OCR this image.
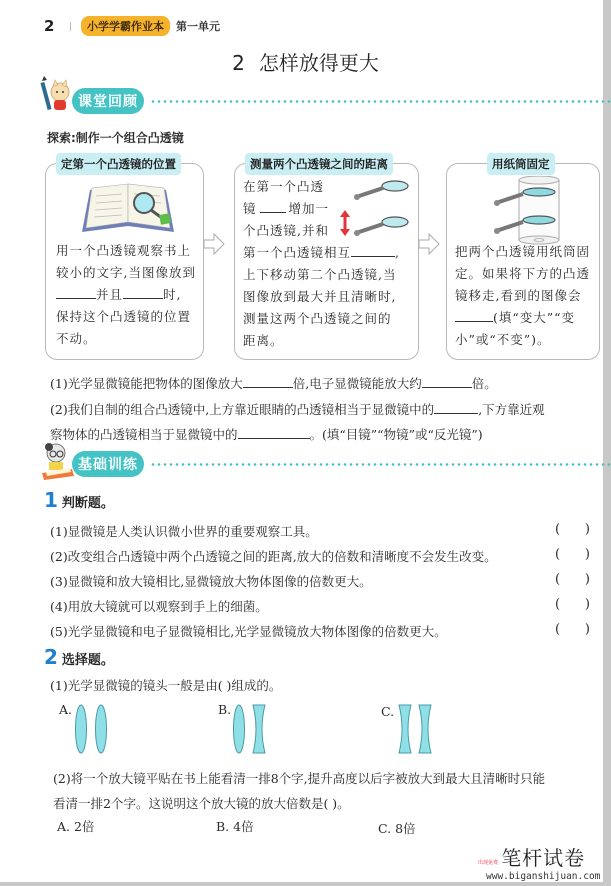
2	小学学霸作业本	第一单元
2 怎样放得更大
课堂回顾
探索:制作一个组合凸透镜
定第一个凸透镜的位置
用一个凸透镜观察书上
较小的文字,当图像放到
并且	时,
保持这个凸透镜的位置
不动。
测量两个凸透镜之间的距离
在第一个凸透
镜	增加一
个凸透镜,并和
第一个凸透镜相互	,
上下移动第二个凸透镜,当
图像放到最大并且清晰时,
测量这两个凸透镜之间的
距离。
用纸筒固定
把两个凸透镜用纸筒固
定。如果将下方的凸透
镜移走,看到的图像会
(填“变大”“变
小”或“不变”)。
(1)光学显微镜能把物体的图像放大	倍,电子显微镜能放大约	倍。
(2)我们自制的组合凸透镜中,上方靠近眼睛的凸透镜相当于显微镜中的	,下方靠近观
察物体的凸透镜相当于显微镜中的	。(填“目镜”“物镜”或“反光镜”)
基础训练
1 判断题。
(1)显微镜是人类认识微小世界的重要观察工具。	(      )
(2)改变组合凸透镜中两个凸透镜之间的距离,放大的倍数和清晰度不会发生改变。	(      )
(3)显微镜和放大镜相比,显微镜放大物体图像的倍数更大。	(      )
(4)用放大镜就可以观察到手上的细菌。	(      )
(5)光学显微镜和电子显微镜相比,光学显微镜放大物体图像的倍数更大。	(      )
2 选择题。
(1)光学显微镜的镜头一般是由( )组成的。
A.	B.	C.
(2)将一个放大镜平贴在书上能看清一排8个字,提升高度以后字被放大到最大且清晰时只能
看清一排2个字。这说明这个放大镜的放大倍数是( )。
A. 2倍	B. 4倍	C. 8倍
出现免费 笔杆试卷
www.biganshijuan.com
